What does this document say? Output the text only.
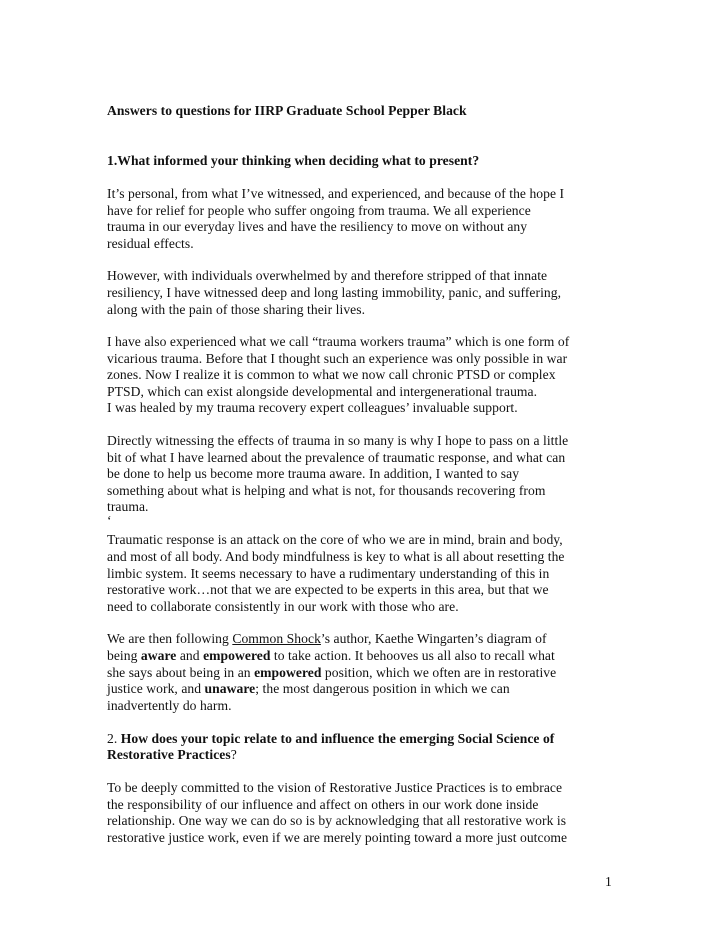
Answers to questions for IIRP Graduate School Pepper Black
1.What informed your thinking when deciding what to present?
It’s personal, from what I’ve witnessed, and experienced, and because of the hope I
have for relief for people who suffer ongoing from trauma. We all experience
trauma in our everyday lives and have the resiliency to move on without any
residual effects.
However, with individuals overwhelmed by and therefore stripped of that innate
resiliency, I have witnessed deep and long lasting immobility, panic, and suffering,
along with the pain of those sharing their lives.
I have also experienced what we call “trauma workers trauma” which is one form of
vicarious trauma. Before that I thought such an experience was only possible in war
zones. Now I realize it is common to what we now call chronic PTSD or complex
PTSD, which can exist alongside developmental and intergenerational trauma.
I was healed by my trauma recovery expert colleagues’ invaluable support.
Directly witnessing the effects of trauma in so many is why I hope to pass on a little
bit of what I have learned about the prevalence of traumatic response, and what can
be done to help us become more trauma aware. In addition, I wanted to say
something about what is helping and what is not, for thousands recovering from
trauma.
‘
Traumatic response is an attack on the core of who we are in mind, brain and body,
and most of all body. And body mindfulness is key to what is all about resetting the
limbic system. It seems necessary to have a rudimentary understanding of this in
restorative work…not that we are expected to be experts in this area, but that we
need to collaborate consistently in our work with those who are.
We are then following Common Shock’s author, Kaethe Wingarten’s diagram of
being aware and empowered to take action. It behooves us all also to recall what
she says about being in an empowered position, which we often are in restorative
justice work, and unaware; the most dangerous position in which we can
inadvertently do harm.
2. How does your topic relate to and influence the emerging Social Science of
Restorative Practices?
To be deeply committed to the vision of Restorative Justice Practices is to embrace
the responsibility of our influence and affect on others in our work done inside
relationship. One way we can do so is by acknowledging that all restorative work is
restorative justice work, even if we are merely pointing toward a more just outcome
1
